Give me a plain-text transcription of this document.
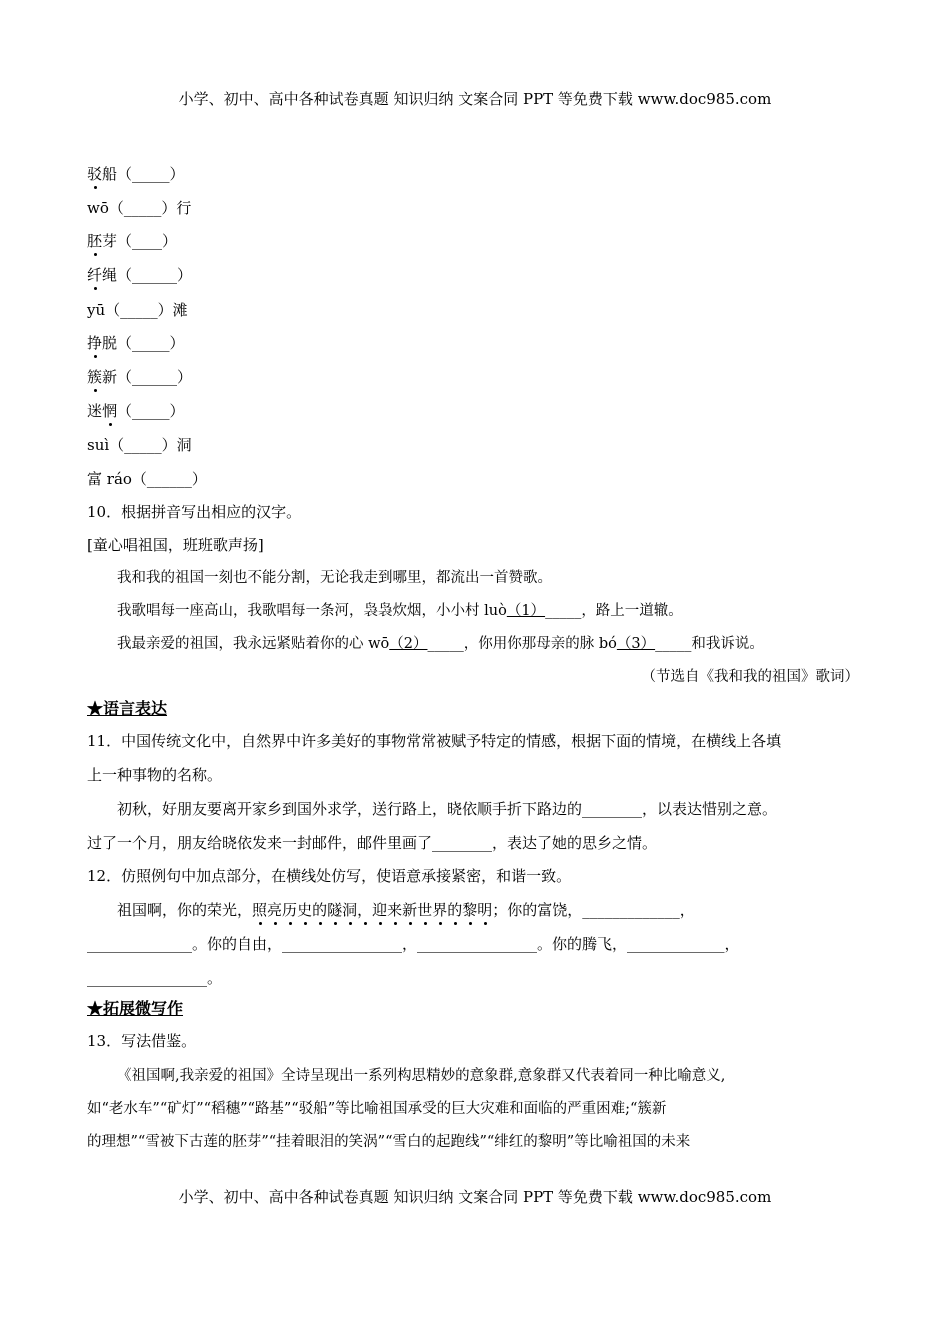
小学、初中、高中各种试卷真题 知识归纳 文案合同 PPT 等免费下载 www.doc985.com
驳船（_____）
wō（_____）行
胚芽（____）
纤绳（______）
yū（_____）滩
挣脱（_____）
簇新（______）
迷惘（_____）
suì（_____）洞
富 ráo（______）
10．根据拼音写出相应的汉字。
[童心唱祖国，班班歌声扬]
我和我的祖国一刻也不能分割，无论我走到哪里，都流出一首赞歌。
我歌唱每一座高山，我歌唱每一条河，袅袅炊烟，小小村 luò（1）_____，路上一道辙。
我最亲爱的祖国，我永远紧贴着你的心 wō（2）_____，你用你那母亲的脉 bó（3）_____和我诉说。
（节选自《我和我的祖国》歌词）
★语言表达
11．中国传统文化中，自然界中许多美好的事物常常被赋予特定的情感，根据下面的情境，在横线上各填
上一种事物的名称。
初秋，好朋友要离开家乡到国外求学，送行路上，晓依顺手折下路边的________，以表达惜别之意。
过了一个月，朋友给晓依发来一封邮件，邮件里画了________，表达了她的思乡之情。
12．仿照例句中加点部分，在横线处仿写，使语意承接紧密，和谐一致。
祖国啊，你的荣光，照亮历史的隧洞，迎来新世界的黎明；你的富饶，_____________，
______________。你的自由，________________，________________。你的腾飞，_____________，
________________。
★拓展微写作
13．写法借鉴。
《祖国啊,我亲爱的祖国》全诗呈现出一系列构思精妙的意象群,意象群又代表着同一种比喻意义,
如“老水车”“矿灯”“稻穗”“路基”“驳船”等比喻祖国承受的巨大灾难和面临的严重困难;“簇新
的理想”“雪被下古莲的胚芽”“挂着眼泪的笑涡”“雪白的起跑线”“绯红的黎明”等比喻祖国的未来
小学、初中、高中各种试卷真题 知识归纳 文案合同 PPT 等免费下载 www.doc985.com
